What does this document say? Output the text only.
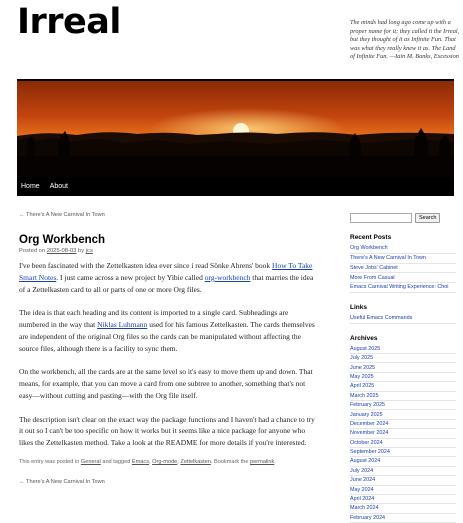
Irreal	The minds had long ago come up with a proper name for it; they called it the Irreal, but they thought of it as Infinite Fun. That was what they really knew it as. The Land of Infinite Fun. —Iain M. Banks, Excession
Home About
← There's A New Carnival In Town
Org Workbench
Posted on 2025-08-03 by jcs

I've been fascinated with the Zettelkasten idea ever since i read Sönke Ahrens' book How To Take Smart Notes. I just came across a new project by Yibie called org-workbench that marries the idea of a Zettelkasten card to all or parts of one or more Org files.

The idea is that each heading and its content is imported to a single card. Subheadings are numbered in the way that Niklas Luhmann used for his famous Zettelkasten. The cards themselves are independent of the original Org files so the cards can be manipulated without affecting the source files, although there is a facility to sync them.

On the workbench, all the cards are at the same level so it's easy to move them up and down. That means, for example, that you can move a card from one subtree to another, something that's not easy—without cutting and pasting—with the Org file itself.

The description isn't clear on the exact way the package functions and I haven't had a chance to try it out so I can't be too specific on how it works but it seems like a nice package for anyone who likes the Zettelkasten method. Take a look at the README for more details if you're interested.

This entry was posted in General and tagged Emacs, Org-mode, Zettelkasten. Bookmark the permalink.
← There's A New Carnival In Town
Search
Recent Posts
Org Workbench
There's A New Carnival In Town
Steve Jobs' Cabinet
More From Casual
Emacs Carnival Writing Experience: Choi
Links
Useful Emacs Commands
Archives
August 2025
July 2025
June 2025
May 2025
April 2025
March 2025
February 2025
January 2025
December 2024
November 2024
October 2024
September 2024
August 2024
July 2024
June 2024
May 2024
April 2024
March 2024
February 2024
